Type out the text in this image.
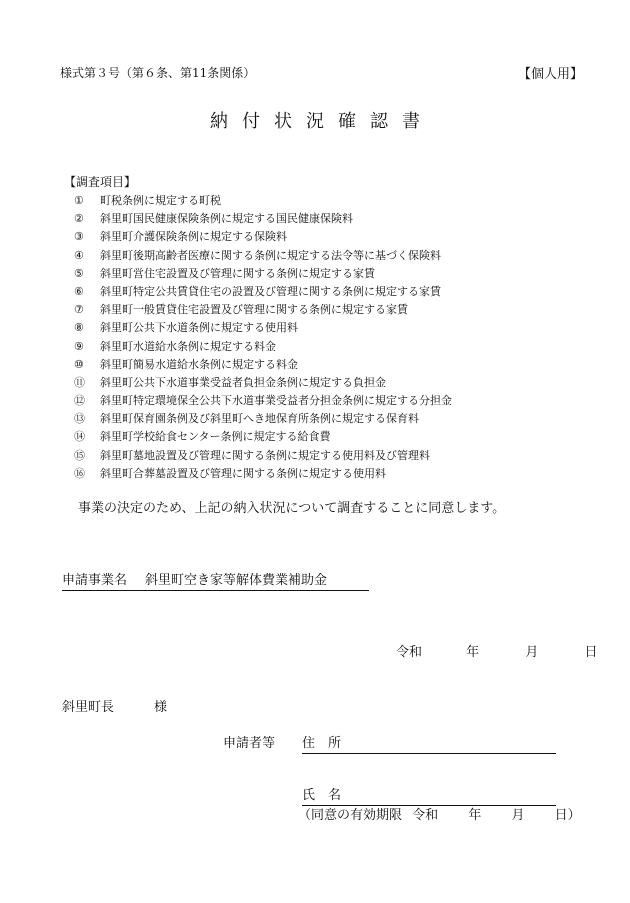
様式第３号（第６条、第11条関係）	【個人用】
納付状況確認書
【調査項目】
① 町税条例に規定する町税
② 斜里町国民健康保険条例に規定する国民健康保険料
③ 斜里町介護保険条例に規定する保険料
④ 斜里町後期高齢者医療に関する条例に規定する法令等に基づく保険料
⑤ 斜里町営住宅設置及び管理に関する条例に規定する家賃
⑥ 斜里町特定公共賃貸住宅の設置及び管理に関する条例に規定する家賃
⑦ 斜里町一般賃貸住宅設置及び管理に関する条例に規定する家賃
⑧ 斜里町公共下水道条例に規定する使用料
⑨ 斜里町水道給水条例に規定する料金
⑩ 斜里町簡易水道給水条例に規定する料金
⑪ 斜里町公共下水道事業受益者負担金条例に規定する負担金
⑫ 斜里町特定環境保全公共下水道事業受益者分担金条例に規定する分担金
⑬ 斜里町保育園条例及び斜里町へき地保育所条例に規定する保育料
⑭ 斜里町学校給食センター条例に規定する給食費
⑮ 斜里町墓地設置及び管理に関する条例に規定する使用料及び管理料
⑯ 斜里町合葬墓設置及び管理に関する条例に規定する使用料
事業の決定のため、上記の納入状況について調査することに同意します。
申請事業名 斜里町空き家等解体費業補助金
令和	年	月	日
斜里町長	様
申請者等 住　所
氏　名
（同意の有効期限 令和 年 月 日）
